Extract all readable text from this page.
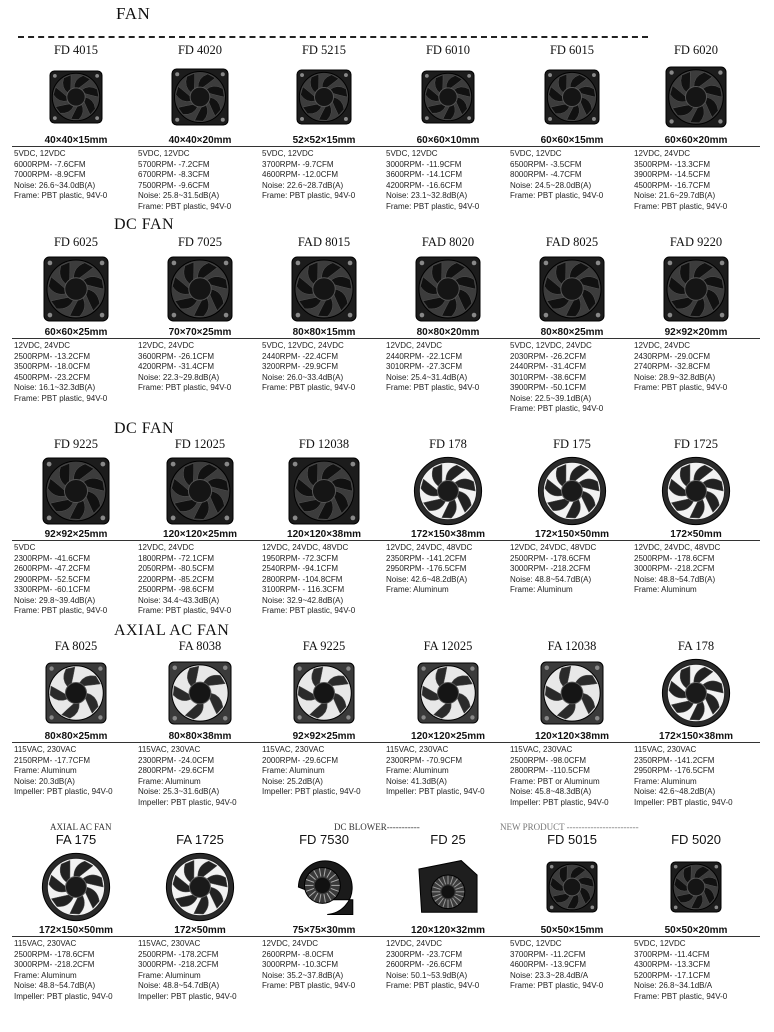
FAN
DC FAN
DC FAN
AXIAL AC FAN
AXIAL AC FAN	DC BLOWER-----------	NEW PRODUCT ------------------------
FD 4015
40×40×15mm
5VDC, 12VDC
6000RPM- -7.6CFM
7000RPM- -8.9CFM
Noise: 26.6~34.0dB(A)
Frame: PBT plastic, 94V-0
FD 4020
40×40×20mm
5VDC, 12VDC
5700RPM- -7.2CFM
6700RPM- -8.3CFM
7500RPM- -9.6CFM
Noise: 25.8~31.5dB(A)
Frame: PBT plastic, 94V-0
FD 5215
52×52×15mm
5VDC, 12VDC
3700RPM- -9.7CFM
4600RPM- -12.0CFM
Noise: 22.6~28.7dB(A)
Frame: PBT plastic, 94V-0
FD 6010
60×60×10mm
5VDC, 12VDC
3000RPM- -11.9CFM
3600RPM- -14.1CFM
4200RPM- -16.6CFM
Noise: 23.1~32.8dB(A)
Frame: PBT plastic, 94V-0
FD 6015
60×60×15mm
5VDC, 12VDC
6500RPM- -3.5CFM
8000RPM- -4.7CFM
Noise: 24.5~28.0dB(A)
Frame: PBT plastic, 94V-0
FD 6020
60×60×20mm
12VDC, 24VDC
3500RPM- -13.3CFM
3900RPM- -14.5CFM
4500RPM- -16.7CFM
Noise: 21.6~29.7dB(A)
Frame: PBT plastic, 94V-0
FD 6025
60×60×25mm
12VDC, 24VDC
2500RPM- -13.2CFM
3500RPM- -18.0CFM
4500RPM- -23.2CFM
Noise: 16.1~32.3dB(A)
Frame: PBT plastic, 94V-0
FD 7025
70×70×25mm
12VDC, 24VDC
3600RPM- -26.1CFM
4200RPM- -31.4CFM
Noise: 22.3~29.8dB(A)
Frame: PBT plastic, 94V-0
FAD 8015
80×80×15mm
5VDC, 12VDC, 24VDC
2440RPM- -22.4CFM
3200RPM- -29.9CFM
Noise: 26.0~33.4dB(A)
Frame: PBT plastic, 94V-0
FAD 8020
80×80×20mm
12VDC, 24VDC
2440RPM- -22.1CFM
3010RPM- -27.3CFM
Noise: 25.4~31.4dB(A)
Frame: PBT plastic, 94V-0
FAD 8025
80×80×25mm
5VDC, 12VDC, 24VDC
2030RPM- -26.2CFM
2440RPM- -31.4CFM
3010RPM- -38.6CFM
3900RPM- -50.1CFM
Noise: 22.5~39.1dB(A)
Frame: PBT plastic, 94V-0
FAD 9220
92×92×20mm
12VDC, 24VDC
2430RPM- -29.0CFM
2740RPM- -32.8CFM
Noise: 28.9~32.8dB(A)
Frame: PBT plastic, 94V-0
FD 9225
92×92×25mm
5VDC
2300RPM- -41.6CFM
2600RPM- -47.2CFM
2900RPM- -52.5CFM
3300RPM- -60.1CFM
Noise: 29.8~39.4dB(A)
Frame: PBT plastic, 94V-0
FD 12025
120×120×25mm
12VDC, 24VDC
1800RPM- -72.1CFM
2050RPM- -80.5CFM
2200RPM- -85.2CFM
2500RPM- -98.6CFM
Noise: 34.4~43.3dB(A)
Frame: PBT plastic, 94V-0
FD 12038
120×120×38mm
12VDC, 24VDC, 48VDC
1950RPM- -72.3CFM
2540RPM- -94.1CFM
2800RPM- -104.8CFM
3100RPM- - 116.3CFM
Noise: 32.9~42.8dB(A)
Frame: PBT plastic, 94V-0
FD 178
172×150×38mm
12VDC, 24VDC, 48VDC
2350RPM- -141.2CFM
2950RPM- -176.5CFM
Noise: 42.6~48.2dB(A)
Frame: Aluminum
FD 175
172×150×50mm
12VDC, 24VDC, 48VDC
2500RPM- -178.6CFM
3000RPM- -218.2CFM
Noise: 48.8~54.7dB(A)
Frame: Aluminum
FD 1725
172×50mm
12VDC, 24VDC, 48VDC
2500RPM- -178.6CFM
3000RPM- -218.2CFM
Noise: 48.8~54.7dB(A)
Frame: Aluminum
FA 8025
80×80×25mm
115VAC, 230VAC
2150RPM- -17.7CFM
Frame: Aluminum
Noise: 20.3dB(A)
Impeller: PBT plastic, 94V-0
FA 8038
80×80×38mm
115VAC, 230VAC
2300RPM- -24.0CFM
2800RPM- -29.6CFM
Frame: Aluminum
Noise: 25.3~31.6dB(A)
Impeller: PBT plastic, 94V-0
FA 9225
92×92×25mm
115VAC, 230VAC
2000RPM- -29.6CFM
Frame: Aluminum
Noise: 25.2dB(A)
Impeller: PBT plastic, 94V-0
FA 12025
120×120×25mm
115VAC, 230VAC
2300RPM- -70.9CFM
Frame: Aluminum
Noise: 41.3dB(A)
Impeller: PBT plastic, 94V-0
FA 12038
120×120×38mm
115VAC, 230VAC
2500RPM- -98.0CFM
2800RPM- -110.5CFM
Frame: PBT or Aluminum
Noise: 45.8~48.3dB(A)
Impeller: PBT plastic, 94V-0
FA 178
172×150×38mm
115VAC, 230VAC
2350RPM- -141.2CFM
2950RPM- -176.5CFM
Frame: Aluminum
Noise: 42.6~48.2dB(A)
Impeller: PBT plastic, 94V-0
FA 175
172×150×50mm
115VAC, 230VAC
2500RPM- -178.6CFM
3000RPM- -218.2CFM
Frame: Aluminum
Noise: 48.8~54.7dB(A)
Impeller: PBT plastic, 94V-0
FA 1725
172×50mm
115VAC, 230VAC
2500RPM- -178.2CFM
3000RPM- -218.2CFM
Frame: Aluminum
Noise: 48.8~54.7dB(A)
Impeller: PBT plastic, 94V-0
FD 7530
75×75×30mm
12VDC, 24VDC
2600RPM- -8.0CFM
3000RPM- -10.3CFM
Noise: 35.2~37.8dB(A)
Frame: PBT plastic, 94V-0
FD 25
120×120×32mm
12VDC, 24VDC
2300RPM- -23.7CFM
2600RPM- -26.6CFM
Noise: 50.1~53.9dB(A)
Frame: PBT plastic, 94V-0
FD 5015
50×50×15mm
5VDC, 12VDC
3700RPM- -11.2CFM
4600RPM- -13.9CFM
Noise: 23.3~28.4dB/A
Frame: PBT plastic, 94V-0
FD 5020
50×50×20mm
5VDC, 12VDC
3700RPM- -11.4CFM
4300RPM- -13.3CFM
5200RPM- -17.1CFM
Noise: 26.8~34.1dB/A
Frame: PBT plastic, 94V-0
